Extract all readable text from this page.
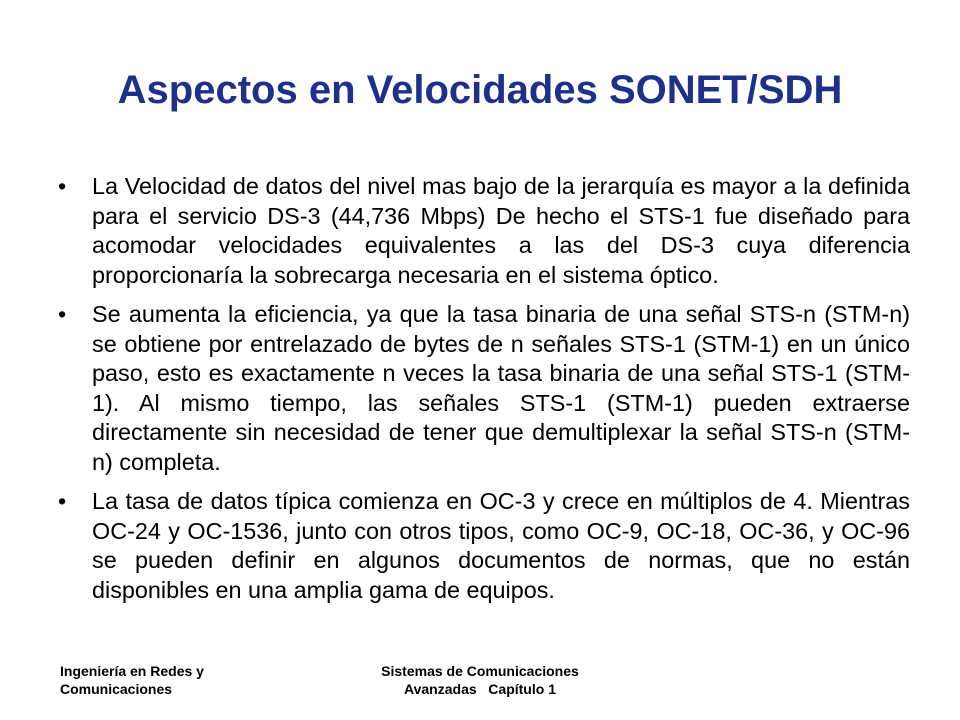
Aspectos en Velocidades SONET/SDH
•	La Velocidad de datos del nivel mas bajo de la jerarquía es mayor a la definida para el servicio DS-3 (44,736 Mbps) De hecho el STS-1 fue diseñado para acomodar velocidades equivalentes a las del DS-3 cuya diferencia proporcionaría la sobrecarga necesaria en el sistema óptico.
•	Se aumenta la eficiencia, ya que la tasa binaria de una señal STS-n (STM-n) se obtiene por entrelazado de bytes de n señales STS-1 (STM-1) en un único paso, esto es exactamente n veces la tasa binaria de una señal STS-1 (STM-1). Al mismo tiempo, las señales STS-1 (STM-1) pueden extraerse directamente sin necesidad de tener que demultiplexar la señal STS-n (STM-n) completa.
•	La tasa de datos típica comienza en OC-3 y crece en múltiplos de 4. Mientras OC-24 y OC-1536, junto con otros tipos, como OC-9, OC-18, OC-36, y OC-96 se pueden definir en algunos documentos de normas, que no están disponibles en una amplia gama de equipos.
Ingeniería en Redes y
Comunicaciones
Sistemas de Comunicaciones
Avanzadas   Capítulo 1
